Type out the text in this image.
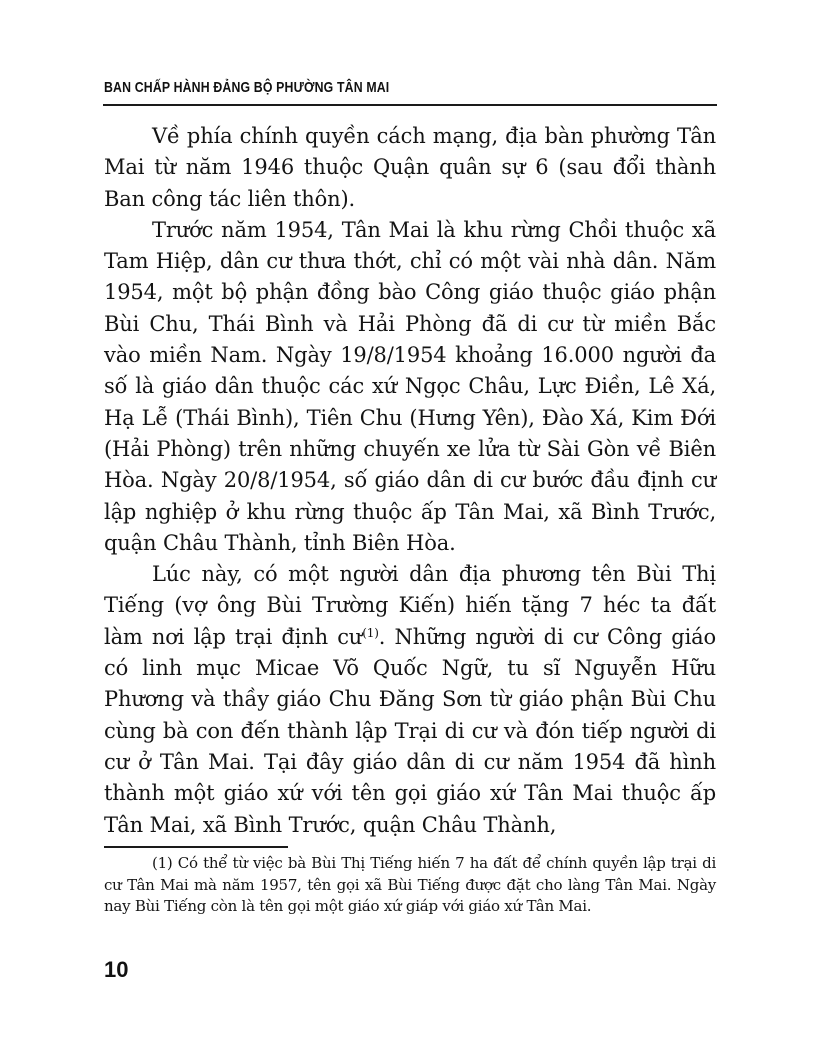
BAN CHẤP HÀNH ĐẢNG BỘ PHƯỜNG TÂN MAI

Về phía chính quyền cách mạng, địa bàn phường Tân Mai từ năm 1946 thuộc Quận quân sự 6 (sau đổi thành Ban công tác liên thôn).

Trước năm 1954, Tân Mai là khu rừng Chồi thuộc xã Tam Hiệp, dân cư thưa thớt, chỉ có một vài nhà dân. Năm 1954, một bộ phận đồng bào Công giáo thuộc giáo phận Bùi Chu, Thái Bình và Hải Phòng đã di cư từ miền Bắc vào miền Nam. Ngày 19/8/1954 khoảng 16.000 người đa số là giáo dân thuộc các xứ Ngọc Châu, Lực Điền, Lê Xá, Hạ Lễ (Thái Bình), Tiên Chu (Hưng Yên), Đào Xá, Kim Đới (Hải Phòng) trên những chuyến xe lửa từ Sài Gòn về Biên Hòa. Ngày 20/8/1954, số giáo dân di cư bước đầu định cư lập nghiệp ở khu rừng thuộc ấp Tân Mai, xã Bình Trước, quận Châu Thành, tỉnh Biên Hòa.

Lúc này, có một người dân địa phương tên Bùi Thị Tiếng (vợ ông Bùi Trường Kiến) hiến tặng 7 héc ta đất làm nơi lập trại định cư$^{(1)}$. Những người di cư Công giáo có linh mục Micae Võ Quốc Ngữ, tu sĩ Nguyễn Hữu Phương và thầy giáo Chu Đăng Sơn từ giáo phận Bùi Chu cùng bà con đến thành lập Trại di cư và đón tiếp người di cư ở Tân Mai. Tại đây giáo dân di cư năm 1954 đã hình thành một giáo xứ với tên gọi giáo xứ Tân Mai thuộc ấp Tân Mai, xã Bình Trước, quận Châu Thành,

(1) Có thể từ việc bà Bùi Thị Tiếng hiến 7 ha đất để chính quyền lập trại di cư Tân Mai mà năm 1957, tên gọi xã Bùi Tiếng được đặt cho làng Tân Mai. Ngày nay Bùi Tiếng còn là tên gọi một giáo xứ giáp với giáo xứ Tân Mai.

10
